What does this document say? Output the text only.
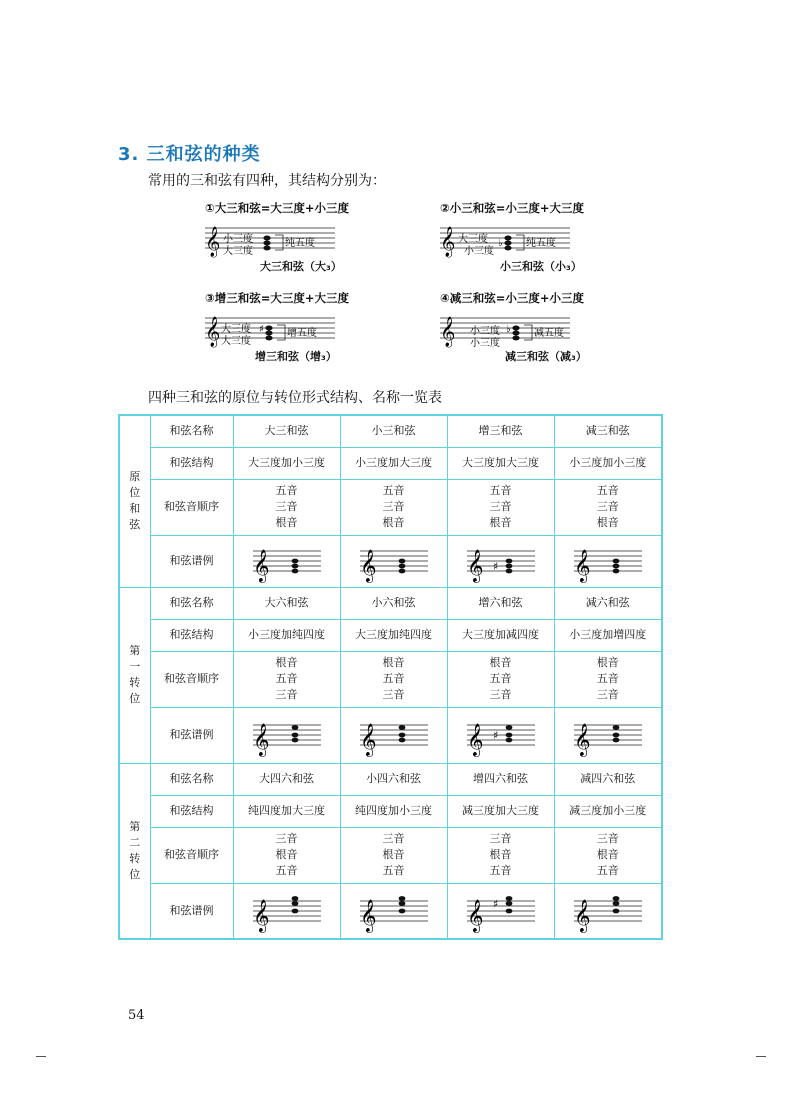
3. 三和弦的种类
常用的三和弦有四种，其结构分别为：
①大三和弦=大三度+小三度
𝄞 小三度
大三度
纯五度
大三和弦（大₃）
②小三和弦=小三度+大三度
𝄞	♭
大三度
小三度
纯五度
小三和弦（小₃）
③增三和弦=大三度+大三度
𝄞	♯
大三度
大三度
增五度
增三和弦（增₃）
④减三和弦=小三度+小三度
𝄞	♭
小三度
小三度
减五度
减三和弦（减₃）
四种三和弦的原位与转位形式结构、名称一览表
原
位
和
弦	和弦名称	大三和弦	小三和弦	增三和弦	减三和弦
	和弦结构	大三度加小三度	小三度加大三度	大三度加大三度	小三度加小三度
	和弦音顺序	五音
三音
根音	五音
三音
根音	五音
三音
根音	五音
三音
根音

	和弦谱例	𝄞	𝄞	𝄞 ♯	𝄞

第
一
转
位	和弦名称	大六和弦	小六和弦	增六和弦	减六和弦
	和弦结构	小三度加纯四度	大三度加纯四度	大三度加减四度	小三度加增四度
	和弦音顺序	根音
五音
三音	根音
五音
三音	根音
五音
三音	根音
五音
三音

	和弦谱例	𝄞	𝄞	𝄞 ♯	𝄞

第
二
转
位	和弦名称	大四六和弦	小四六和弦	增四六和弦	减四六和弦
	和弦结构	纯四度加大三度	纯四度加小三度	减三度加大三度	减三度加小三度
	和弦音顺序	三音
根音
五音	三音
根音
五音	三音
根音
五音	三音
根音
五音

	和弦谱例	𝄞	𝄞	𝄞 ♯	𝄞
54
